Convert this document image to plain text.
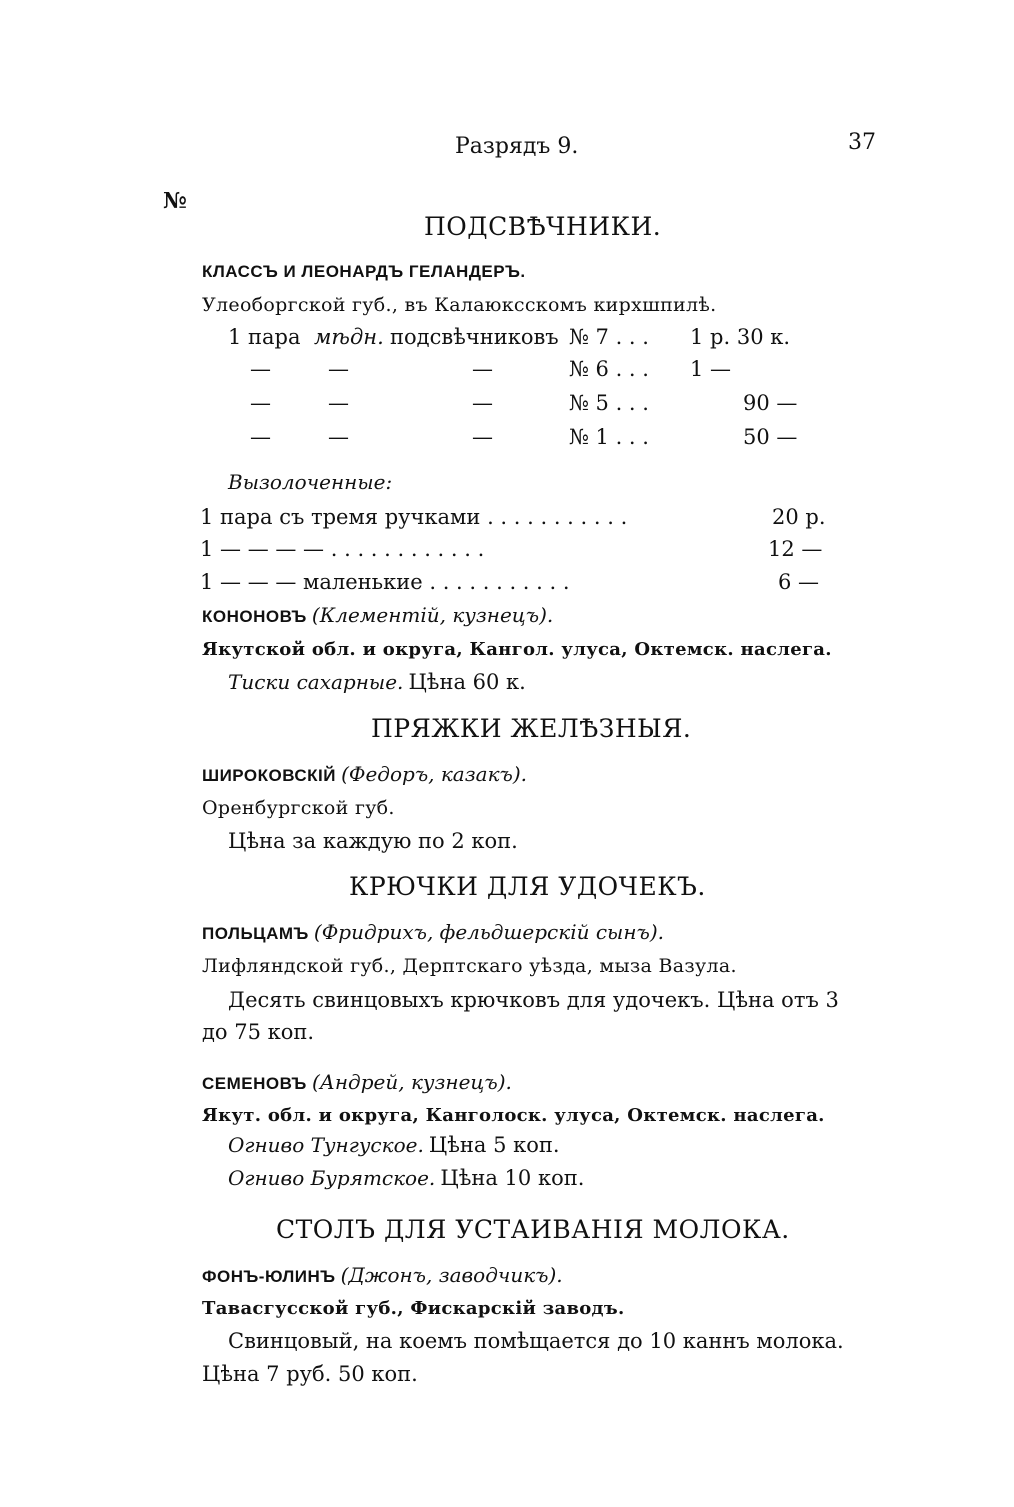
Разрядъ 9.	37
№
ПОДСВѢЧНИКИ.
КЛАССЪ И ЛЕОНАРДЪ ГЕЛАНДЕРЪ.
Улеоборгской губ., въ Калаюксскомъ кирхшпилѣ.
1 пара мѣдн. подсвѣчниковъ № 7 . . . 1 р. 30 к.
—	—	—	№ 6 . . . 1 —
—	—	—	№ 5 . . .	90 —
—	—	—	№ 1 . . .	50 —
Вызолоченные:
1 пара съ тремя ручками . . . . . . . . . . .	20 р.
1 — — — — . . . . . . . . . . . .	12 —
1 — — — маленькие . . . . . . . . . . .	6 —
КОНОНОВЪ (Клементій, кузнецъ).
Якутской обл. и округа, Кангол. улуса, Октемск. наслега.
Тиски сахарные. Цѣна 60 к.
ПРЯЖКИ ЖЕЛѢЗНЫЯ.
ШИРОКОВСКІЙ (Федоръ, казакъ).
Оренбургской губ.
Цѣна за каждую по 2 коп.
КРЮЧКИ ДЛЯ УДОЧЕКЪ.
ПОЛЬЦАМЪ (Фридрихъ, фельдшерскій сынъ).
Лифляндской губ., Дерптскаго уѣзда, мыза Вазула.
Десять свинцовыхъ крючковъ для удочекъ. Цѣна отъ 3
до 75 коп.
СЕМЕНОВЪ (Андрей, кузнецъ).
Якут. обл. и округа, Канголоск. улуса, Октемск. наслега.
Огниво Тунгуское. Цѣна 5 коп.
Огниво Бурятское. Цѣна 10 коп.
СТОЛЪ ДЛЯ УСТАИВАНІЯ МОЛОКА.
ФОНЪ-ЮЛИНЪ (Джонъ, заводчикъ).
Тавасгусской губ., Фискарскій заводъ.
Свинцовый, на коемъ помѣщается до 10 каннъ молока.
Цѣна 7 руб. 50 коп.
